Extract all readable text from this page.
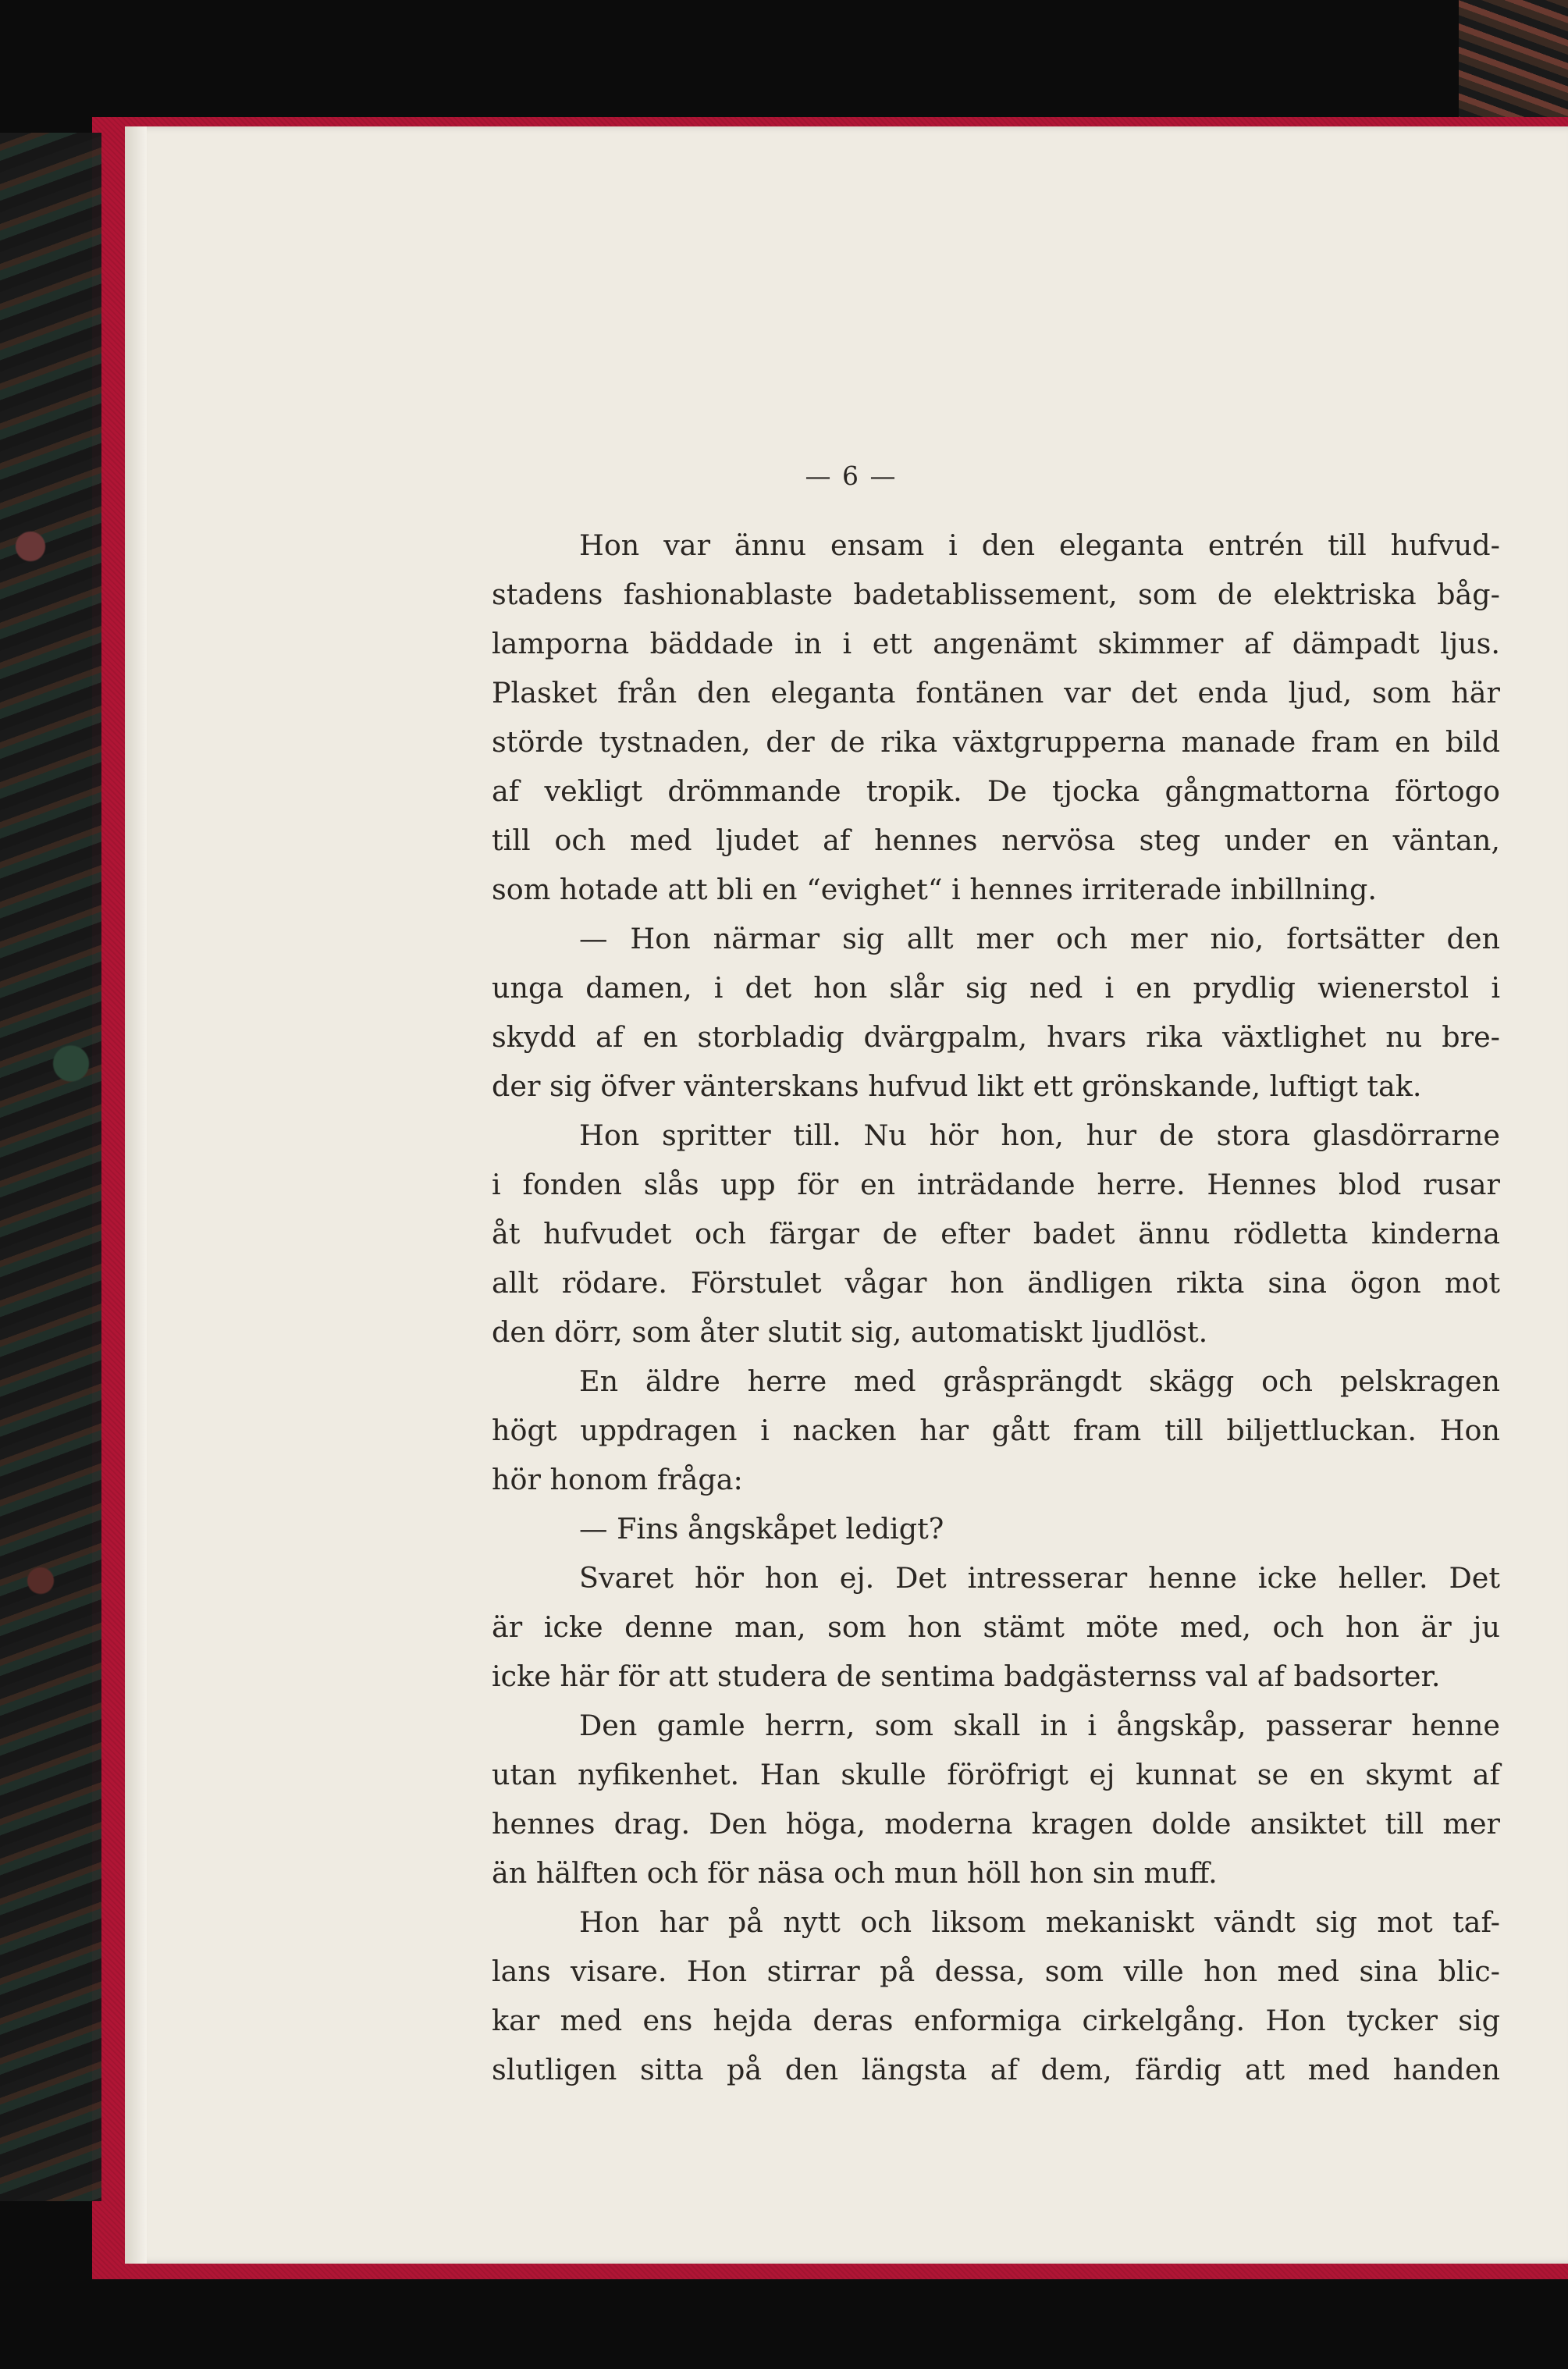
— 6 —
Hon var ännu ensam i den eleganta entrén till hufvud-
stadens fashionablaste badetablissement, som de elektriska båg-
lamporna bäddade in i ett angenämt skimmer af dämpadt ljus.
Plasket från den eleganta fontänen var det enda ljud, som här
störde tystnaden, der de rika växtgrupperna manade fram en bild
af vekligt drömmande tropik. De tjocka gångmattorna förtogo
till och med ljudet af hennes nervösa steg under en väntan,
som hotade att bli en “evighet“ i hennes irriterade inbillning.
— Hon närmar sig allt mer och mer nio, fortsätter den
unga damen, i det hon slår sig ned i en prydlig wienerstol i
skydd af en storbladig dvärgpalm, hvars rika växtlighet nu bre-
der sig öfver vänterskans hufvud likt ett grönskande, luftigt tak.
Hon spritter till. Nu hör hon, hur de stora glasdörrarne
i fonden slås upp för en inträdande herre. Hennes blod rusar
åt hufvudet och färgar de efter badet ännu rödletta kinderna
allt rödare. Förstulet vågar hon ändligen rikta sina ögon mot
den dörr, som åter slutit sig, automatiskt ljudlöst.
En äldre herre med gråsprängdt skägg och pelskragen
högt uppdragen i nacken har gått fram till biljettluckan. Hon
hör honom fråga:
— Fins ångskåpet ledigt?
Svaret hör hon ej. Det intresserar henne icke heller. Det
är icke denne man, som hon stämt möte med, och hon är ju
icke här för att studera de sentima badgästernss val af badsorter.
Den gamle herrn, som skall in i ångskåp, passerar henne
utan nyfikenhet. Han skulle föröfrigt ej kunnat se en skymt af
hennes drag. Den höga, moderna kragen dolde ansiktet till mer
än hälften och för näsa och mun höll hon sin muff.
Hon har på nytt och liksom mekaniskt vändt sig mot taf-
lans visare. Hon stirrar på dessa, som ville hon med sina blic-
kar med ens hejda deras enformiga cirkelgång. Hon tycker sig
slutligen sitta på den längsta af dem, färdig att med handen
